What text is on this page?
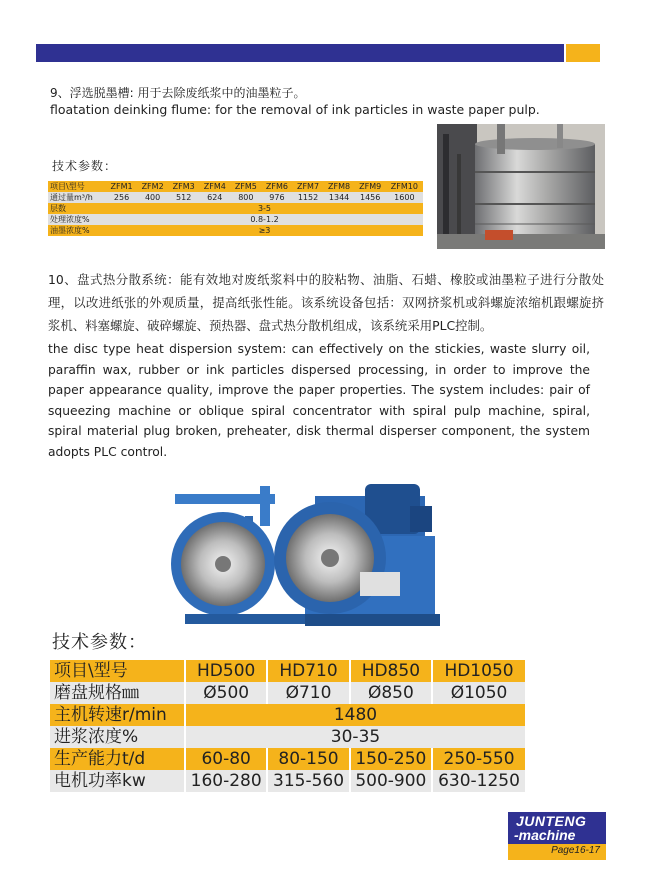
9、浮选脱墨槽: 用于去除废纸浆中的油墨粒子。
floatation deinking flume: for the removal of ink particles in waste paper pulp.
技术参数：
项目\型号	ZFM1	ZFM2	ZFM3	ZFM4	ZFM5	ZFM6	ZFM7	ZFM8	ZFM9	ZFM10
通过量m³/h	256	400	512	624	800	976	1152	1344	1456	1600
层数	3-5									
处理浓度%	0.8-1.2									
油墨浓度%	≥3									
10、盘式热分散系统：能有效地对废纸浆料中的胶粘物、油脂、石蜡、橡胶或油墨粒子进行分散处理，以改进纸张的外观质量，提高纸张性能。该系统设备包括：双网挤浆机或斜螺旋浓缩机跟螺旋挤浆机、料塞螺旋、破碎螺旋、预热器、盘式热分散机组成，该系统采用PLC控制。
the disc type heat dispersion system: can effectively on the stickies, waste slurry oil, paraffin wax, rubber or ink particles dispersed processing, in order to improve the paper appearance quality, improve the paper properties. The system includes: pair of squeezing machine or oblique spiral concentrator with spiral pulp machine, spiral, spiral material plug broken, preheater, disk thermal disperser component, the system adopts PLC control.
技术参数：
项目\型号	HD500	HD710	HD850	HD1050
磨盘规格㎜	Ø500	Ø710	Ø850	Ø1050
主机转速r/min	1480			
进浆浓度%	30-35			
生产能力t/d	60-80	80-150	150-250	250-550
电机功率kw	160-280	315-560	500-900	630-1250
JUNTENG
-machine
Page16-17
